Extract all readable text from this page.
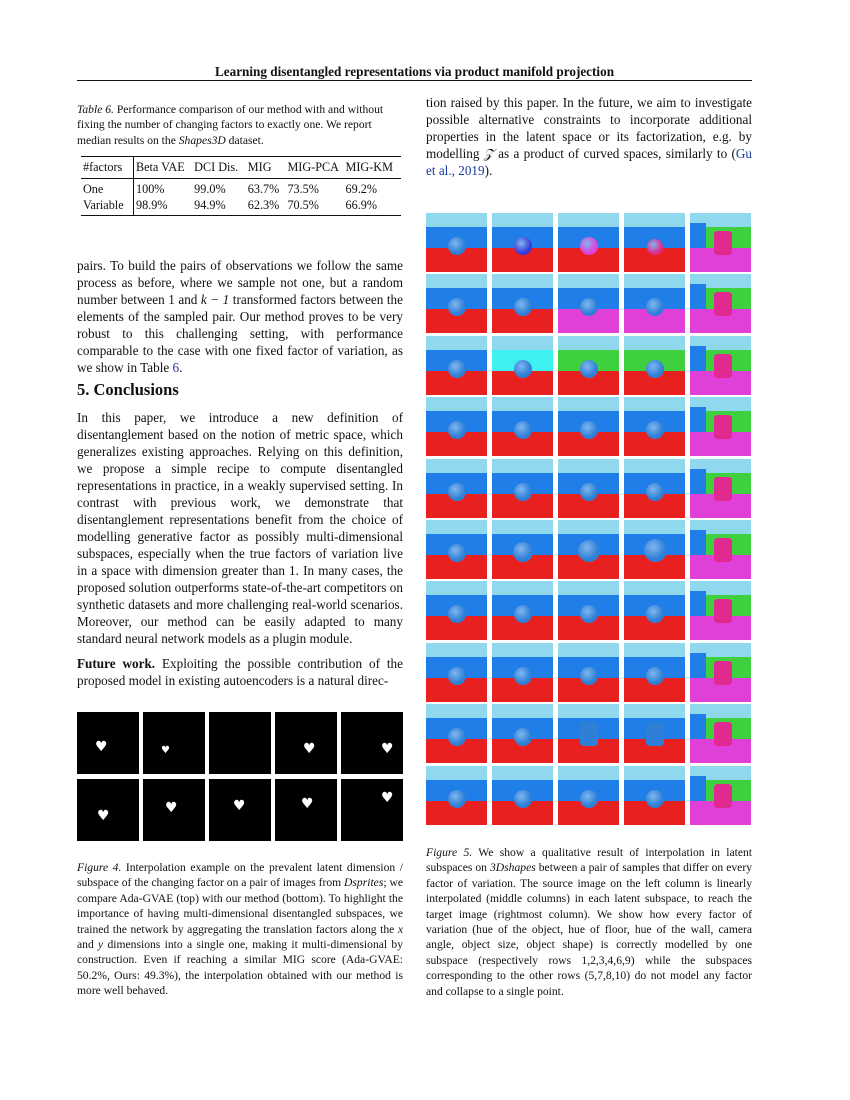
Learning disentangled representations via product manifold projection

Table 6. Performance comparison of our method with and without fixing the number of changing factors to exactly one. We report median results on the Shapes3D dataset.

#factors	Beta VAE	DCI Dis.	MIG	MIG-PCA	MIG-KM
One	100%	99.0%	63.7%	73.5%	69.2%
Variable	98.9%	94.9%	62.3%	70.5%	66.9%

pairs. To build the pairs of observations we follow the same process as before, where we sample not one, but a random number between 1 and k − 1 transformed factors between the elements of the sampled pair. Our method proves to be very robust to this challenging setting, with performance comparable to the case with one fixed factor of variation, as we show in Table 6.

5. Conclusions

In this paper, we introduce a new definition of disentanglement based on the notion of metric space, which generalizes existing approaches. Relying on this definition, we propose a simple recipe to compute disentangled representations in practice, in a weakly supervised setting. In contrast with previous work, we demonstrate that disentanglement representations benefit from the choice of modelling generative factor as possibly multi-dimensional subspaces, especially when the true factors of variation live in a space with dimension greater than 1. In many cases, the proposed solution outperforms state-of-the-art competitors on synthetic datasets and more challenging real-world scenarios. Moreover, our method can be easily adapted to many standard neural network models as a plugin module.

Future work. Exploiting the possible contribution of the proposed model in existing autoencoders is a natural direc-

♥	♥	♥	♥
♥	♥	♥	♥	♥

Figure 4. Interpolation example on the prevalent latent dimension / subspace of the changing factor on a pair of images from Dsprites; we compare Ada-GVAE (top) with our method (bottom). To highlight the importance of having multi-dimensional disentangled subspaces, we trained the network by aggregating the translation factors along the x and y dimensions into a single one, making it multi-dimensional by construction. Even if reaching a similar MIG score (Ada-GVAE: 50.2%, Ours: 49.3%), the interpolation obtained with our method is more well behaved.

tion raised by this paper. In the future, we aim to investigate possible alternative constraints to incorporate additional properties in the latent space or its factorization, e.g. by modelling 𝒵 as a product of curved spaces, similarly to (Gu et al., 2019).

Figure 5. We show a qualitative result of interpolation in latent subspaces on 3Dshapes between a pair of samples that differ on every factor of variation. The source image on the left column is linearly interpolated (middle columns) in each latent subspace, to reach the target image (rightmost column). We show how every factor of variation (hue of the object, hue of floor, hue of the wall, camera angle, object size, object shape) is correctly modelled by one subspace (respectively rows 1,2,3,4,6,9) while the subspaces corresponding to the other rows (5,7,8,10) do not model any factor and collapse to a single point.
